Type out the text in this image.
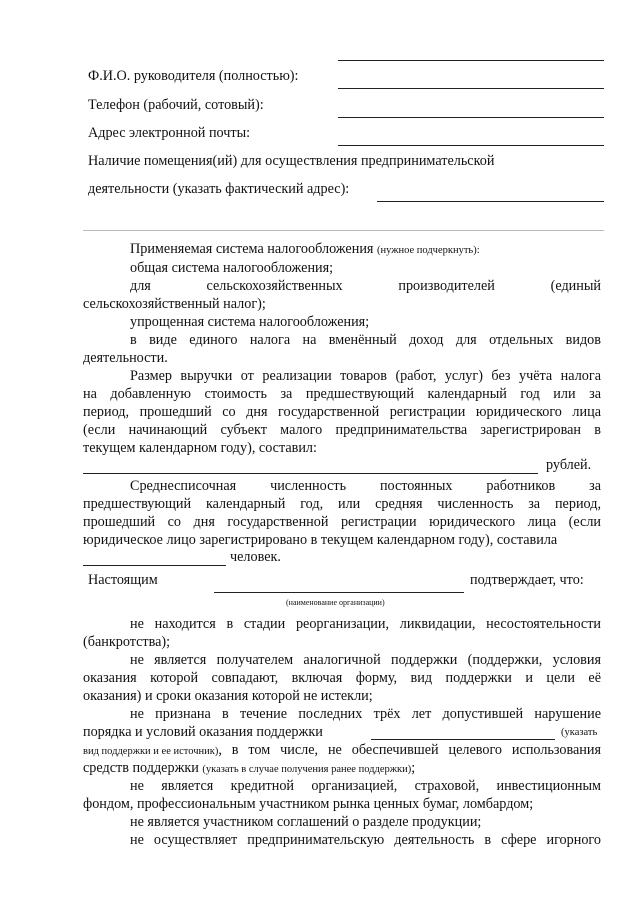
Ф.И.О. руководителя (полностью):
Телефон (рабочий, сотовый):
Адрес электронной почты:
Наличие помещения(ий) для осуществления предпринимательской
деятельности (указать фактический адрес):
Применяемая система налогообложения (нужное подчеркнуть):
общая система налогообложения;
для	сельскохозяйственных	производителей	(единый
сельскохозяйственный налог);
упрощенная система налогообложения;
в виде единого налога на вменённый доход для отдельных видов
деятельности.
Размер выручки от реализации товаров (работ, услуг) без учёта налога
на добавленную стоимость за предшествующий календарный год или за
период, прошедший со дня государственной регистрации юридического лица
(если начинающий субъект малого предпринимательства зарегистрирован в
текущем календарном году), составил:
рублей.
Среднесписочная численность постоянных работников за
предшествующий календарный год, или средняя численность за период,
прошедший со дня государственной регистрации юридического лица (если
юридическое лицо зарегистрировано в текущем календарном году), составила
человек.
Настоящим	подтверждает, что:
(наименование организации)
не находится в стадии реорганизации, ликвидации, несостоятельности
(банкротства);
не является получателем аналогичной поддержки (поддержки, условия
оказания которой совпадают, включая форму, вид поддержки и цели её
оказания) и сроки оказания которой не истекли;
не признана в течение последних трёх лет допустившей нарушение
порядка и условий оказания поддержки	(указать
вид поддержки и ее источник) , в том числе, не обеспечившей целевого использования
средств поддержки (указать в случае получения ранее поддержки);
не является кредитной организацией, страховой, инвестиционным
фондом, профессиональным участником рынка ценных бумаг, ломбардом;
не является участником соглашений о разделе продукции;
не осуществляет предпринимательскую деятельность в сфере игорного
